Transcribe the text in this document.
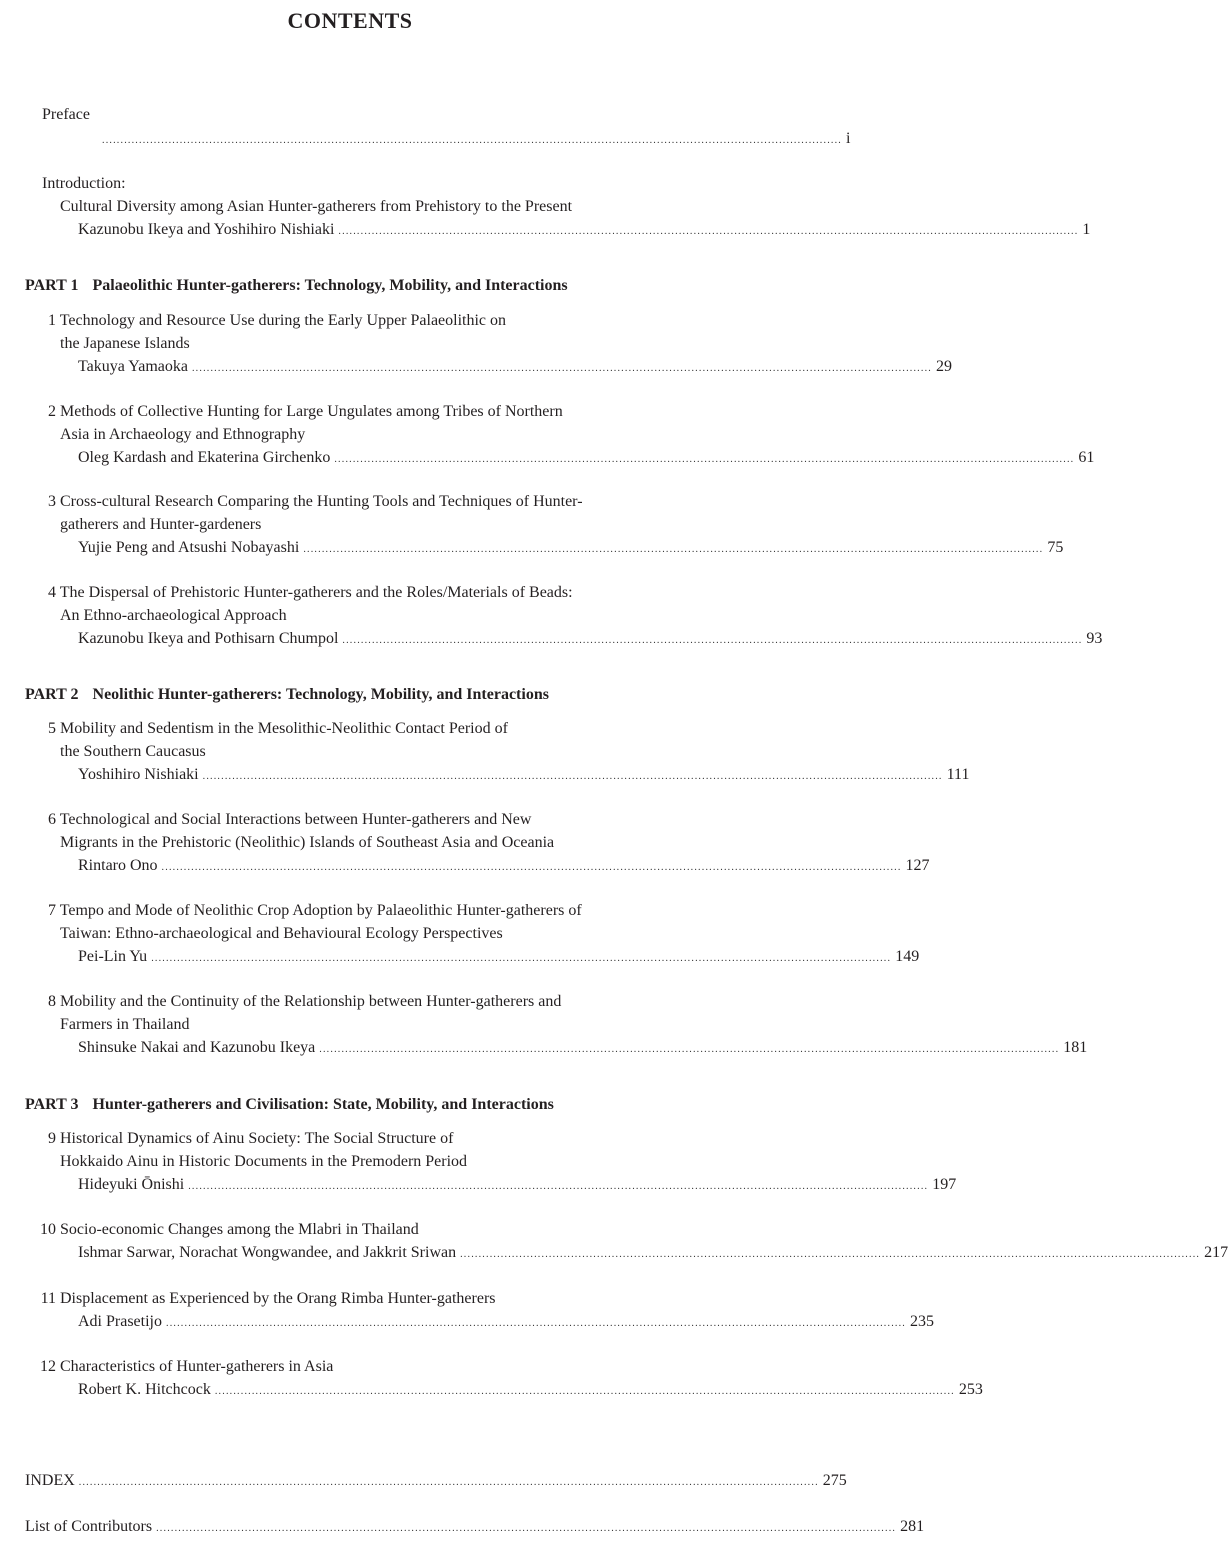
CONTENTS
Preface
........................................................................................................................................................................................................ i
Introduction:
Cultural Diversity among Asian Hunter-gatherers from Prehistory to the Present
Kazunobu Ikeya and Yoshihiro Nishiaki ........................................................................................................................................................................................................ 1
PART 1 Palaeolithic Hunter-gatherers: Technology, Mobility, and Interactions
1 Technology and Resource Use during the Early Upper Palaeolithic on
the Japanese Islands
Takuya Yamaoka ........................................................................................................................................................................................................ 29
2 Methods of Collective Hunting for Large Ungulates among Tribes of Northern
Asia in Archaeology and Ethnography
Oleg Kardash and Ekaterina Girchenko ........................................................................................................................................................................................................ 61
3 Cross-cultural Research Comparing the Hunting Tools and Techniques of Hunter-
gatherers and Hunter-gardeners
Yujie Peng and Atsushi Nobayashi ........................................................................................................................................................................................................ 75
4 The Dispersal of Prehistoric Hunter-gatherers and the Roles/Materials of Beads:
An Ethno-archaeological Approach
Kazunobu Ikeya and Pothisarn Chumpol ........................................................................................................................................................................................................ 93
PART 2 Neolithic Hunter-gatherers: Technology, Mobility, and Interactions
5 Mobility and Sedentism in the Mesolithic-Neolithic Contact Period of
the Southern Caucasus
Yoshihiro Nishiaki ........................................................................................................................................................................................................ 111
6 Technological and Social Interactions between Hunter-gatherers and New
Migrants in the Prehistoric (Neolithic) Islands of Southeast Asia and Oceania
Rintaro Ono ........................................................................................................................................................................................................ 127
7 Tempo and Mode of Neolithic Crop Adoption by Palaeolithic Hunter-gatherers of
Taiwan: Ethno-archaeological and Behavioural Ecology Perspectives
Pei-Lin Yu ........................................................................................................................................................................................................ 149
8 Mobility and the Continuity of the Relationship between Hunter-gatherers and
Farmers in Thailand
Shinsuke Nakai and Kazunobu Ikeya ........................................................................................................................................................................................................ 181
PART 3 Hunter-gatherers and Civilisation: State, Mobility, and Interactions
9 Historical Dynamics of Ainu Society: The Social Structure of
Hokkaido Ainu in Historic Documents in the Premodern Period
Hideyuki Ōnishi ........................................................................................................................................................................................................ 197
10 Socio-economic Changes among the Mlabri in Thailand
Ishmar Sarwar, Norachat Wongwandee, and Jakkrit Sriwan ........................................................................................................................................................................................................ 217
11 Displacement as Experienced by the Orang Rimba Hunter-gatherers
Adi Prasetijo ........................................................................................................................................................................................................ 235
12 Characteristics of Hunter-gatherers in Asia
Robert K. Hitchcock ........................................................................................................................................................................................................ 253
INDEX ........................................................................................................................................................................................................ 275
List of Contributors ........................................................................................................................................................................................................ 281
